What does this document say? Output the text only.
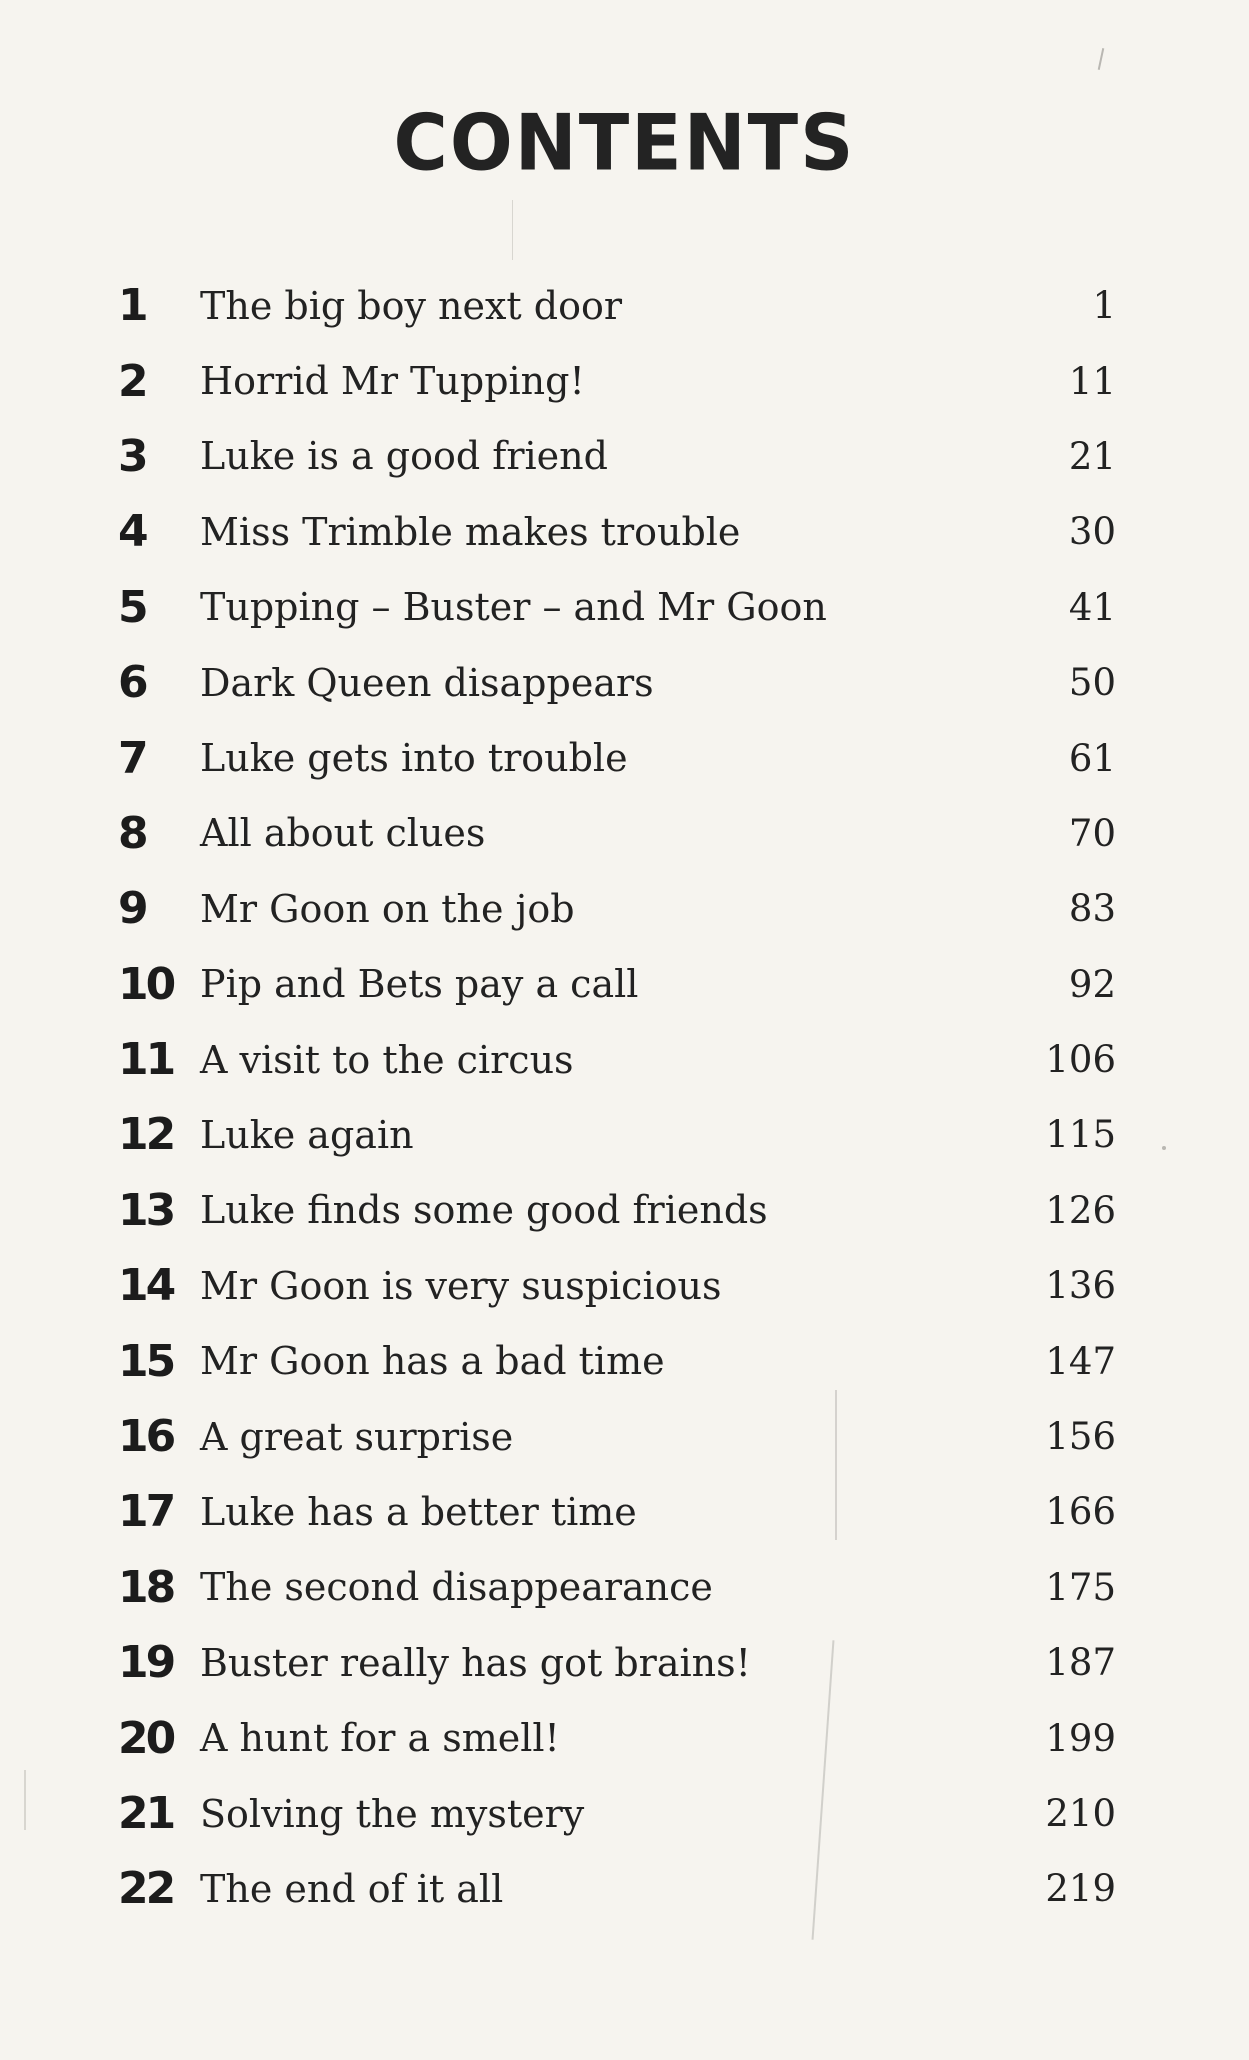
CONTENTS
1	The big boy next door	1
2	Horrid Mr Tupping!	11
3	Luke is a good friend	21
4	Miss Trimble makes trouble	30
5	Tupping – Buster – and Mr Goon	41
6	Dark Queen disappears	50
7	Luke gets into trouble	61
8	All about clues	70
9	Mr Goon on the job	83
10 Pip and Bets pay a call	92
11 A visit to the circus	106
12 Luke again	115
13 Luke finds some good friends	126
14 Mr Goon is very suspicious	136
15 Mr Goon has a bad time	147
16 A great surprise	156
17 Luke has a better time	166
18 The second disappearance	175
19 Buster really has got brains!	187
20 A hunt for a smell!	199
21 Solving the mystery	210
22 The end of it all	219
